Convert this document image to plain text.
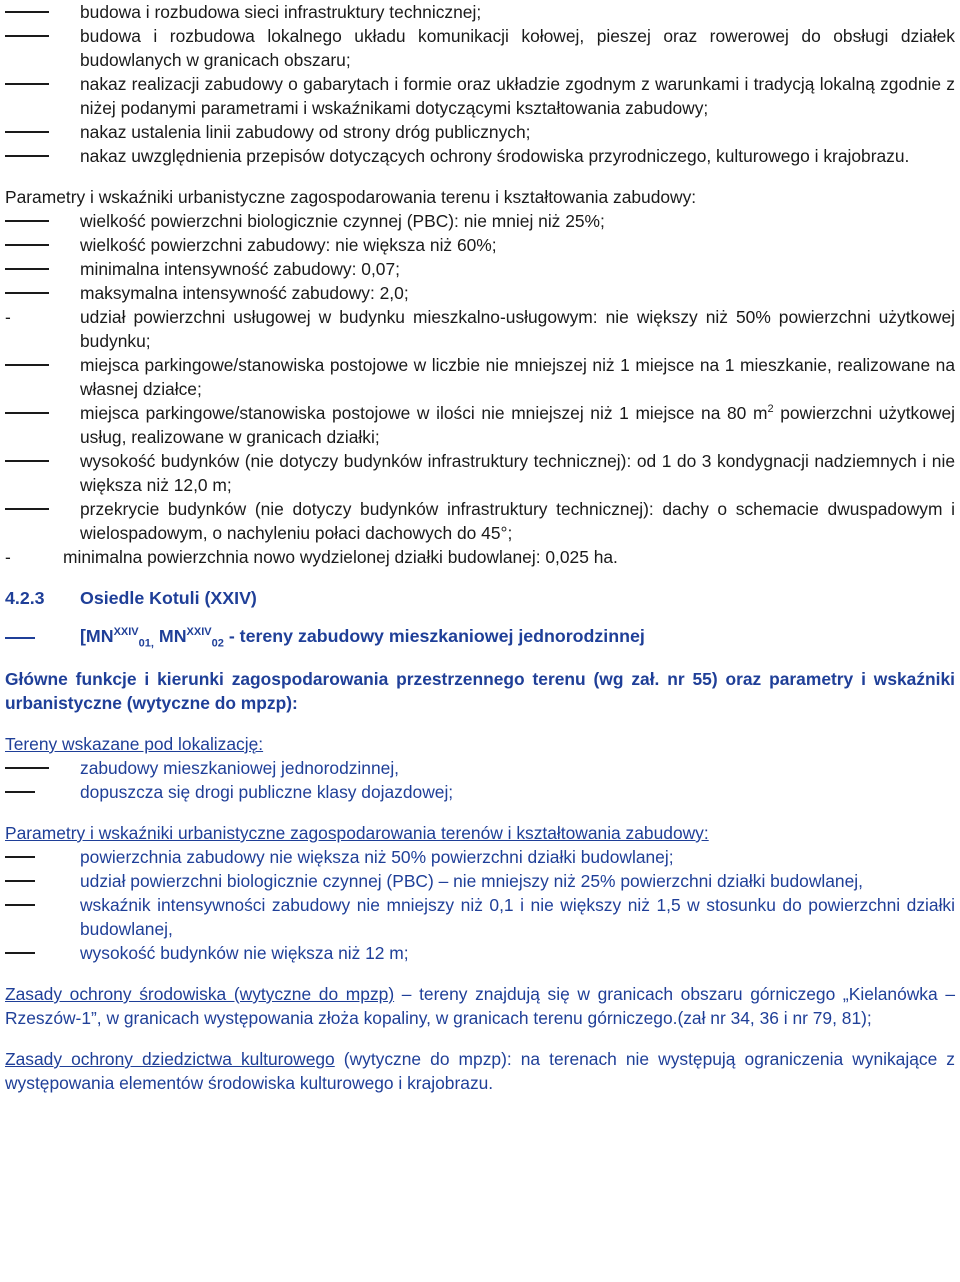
budowa i rozbudowa sieci infrastruktury technicznej;
budowa i rozbudowa lokalnego układu komunikacji kołowej, pieszej oraz rowerowej do obsługi działek budowlanych w granicach obszaru;
nakaz realizacji zabudowy o gabarytach i formie oraz układzie zgodnym z warunkami i tradycją lokalną zgodnie z niżej podanymi parametrami i wskaźnikami dotyczącymi kształtowania zabudowy;
nakaz ustalenia linii zabudowy od strony dróg publicznych;
nakaz uwzględnienia przepisów dotyczących ochrony środowiska przyrodniczego, kulturowego i krajobrazu.
Parametry i wskaźniki urbanistyczne zagospodarowania terenu i kształtowania zabudowy:
wielkość powierzchni biologicznie czynnej (PBC): nie mniej niż 25%;
wielkość powierzchni zabudowy: nie większa niż 60%;
minimalna intensywność zabudowy: 0,07;
maksymalna intensywność zabudowy: 2,0;
-	udział powierzchni usługowej w budynku mieszkalno-usługowym: nie większy niż 50% powierzchni użytkowej budynku;
miejsca parkingowe/stanowiska postojowe w liczbie nie mniejszej niż 1 miejsce na 1 mieszkanie, realizowane na własnej działce;
miejsca parkingowe/stanowiska postojowe w ilości nie mniejszej niż 1 miejsce na 80 $m^2$ powierzchni użytkowej usług, realizowane w granicach działki;
wysokość budynków (nie dotyczy budynków infrastruktury technicznej): od 1 do 3 kondygnacji nadziemnych i nie większa niż 12,0 m;
przekrycie budynków (nie dotyczy budynków infrastruktury technicznej): dachy o schemacie dwuspadowym i wielospadowym, o nachyleniu połaci dachowych do 45°;
-	minimalna powierzchnia nowo wydzielonej działki budowlanej: 0,025 ha.
4.2.3	Osiedle Kotuli (XXIV)
[$MN^{XXIV}_{01,}$ $MN^{XXIV}_{02}$ - tereny zabudowy mieszkaniowej jednorodzinnej
Główne funkcje i kierunki zagospodarowania przestrzennego terenu (wg zał. nr 55) oraz parametry i wskaźniki urbanistyczne (wytyczne do mpzp):
Tereny wskazane pod lokalizację:
zabudowy mieszkaniowej jednorodzinnej,
dopuszcza się drogi publiczne klasy dojazdowej;
Parametry i wskaźniki urbanistyczne zagospodarowania terenów i kształtowania zabudowy:
powierzchnia zabudowy nie większa niż 50% powierzchni działki budowlanej;
udział powierzchni biologicznie czynnej (PBC) – nie mniejszy niż 25% powierzchni działki budowlanej,
wskaźnik intensywności zabudowy nie mniejszy niż 0,1 i nie większy niż 1,5 w stosunku do powierzchni działki budowlanej,
wysokość budynków nie większa niż 12 m;
Zasady ochrony środowiska (wytyczne do mpzp) – tereny znajdują się w granicach obszaru górniczego „Kielanówka – Rzeszów-1”, w granicach występowania złoża kopaliny, w granicach terenu górniczego.(zał nr 34, 36 i nr 79, 81);
Zasady ochrony dziedzictwa kulturowego (wytyczne do mpzp): na terenach nie występują ograniczenia wynikające z występowania elementów środowiska kulturowego i krajobrazu.
